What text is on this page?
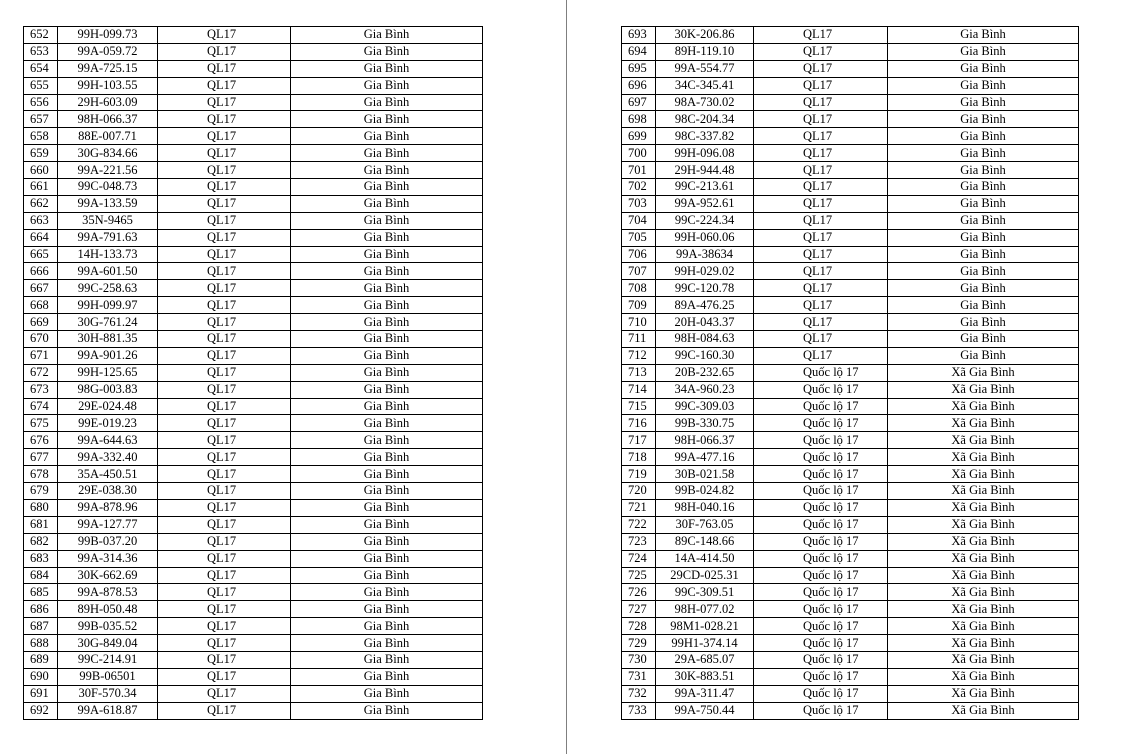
652	99H-099.73	QL17	Gia Bình
653	99A-059.72	QL17	Gia Bình
654	99A-725.15	QL17	Gia Bình
655	99H-103.55	QL17	Gia Bình
656	29H-603.09	QL17	Gia Bình
657	98H-066.37	QL17	Gia Bình
658	88E-007.71	QL17	Gia Bình
659	30G-834.66	QL17	Gia Bình
660	99A-221.56	QL17	Gia Bình
661	99C-048.73	QL17	Gia Bình
662	99A-133.59	QL17	Gia Bình
663	35N-9465	QL17	Gia Bình
664	99A-791.63	QL17	Gia Bình
665	14H-133.73	QL17	Gia Bình
666	99A-601.50	QL17	Gia Bình
667	99C-258.63	QL17	Gia Bình
668	99H-099.97	QL17	Gia Bình
669	30G-761.24	QL17	Gia Bình
670	30H-881.35	QL17	Gia Bình
671	99A-901.26	QL17	Gia Bình
672	99H-125.65	QL17	Gia Bình
673	98G-003.83	QL17	Gia Bình
674	29E-024.48	QL17	Gia Bình
675	99E-019.23	QL17	Gia Bình
676	99A-644.63	QL17	Gia Bình
677	99A-332.40	QL17	Gia Bình
678	35A-450.51	QL17	Gia Bình
679	29E-038.30	QL17	Gia Bình
680	99A-878.96	QL17	Gia Bình
681	99A-127.77	QL17	Gia Bình
682	99B-037.20	QL17	Gia Bình
683	99A-314.36	QL17	Gia Bình
684	30K-662.69	QL17	Gia Bình
685	99A-878.53	QL17	Gia Bình
686	89H-050.48	QL17	Gia Bình
687	99B-035.52	QL17	Gia Bình
688	30G-849.04	QL17	Gia Bình
689	99C-214.91	QL17	Gia Bình
690	99B-06501	QL17	Gia Bình
691	30F-570.34	QL17	Gia Bình
692	99A-618.87	QL17	Gia Bình
693	30K-206.86	QL17	Gia Bình
694	89H-119.10	QL17	Gia Bình
695	99A-554.77	QL17	Gia Bình
696	34C-345.41	QL17	Gia Bình
697	98A-730.02	QL17	Gia Bình
698	98C-204.34	QL17	Gia Bình
699	98C-337.82	QL17	Gia Bình
700	99H-096.08	QL17	Gia Bình
701	29H-944.48	QL17	Gia Bình
702	99C-213.61	QL17	Gia Bình
703	99A-952.61	QL17	Gia Bình
704	99C-224.34	QL17	Gia Bình
705	99H-060.06	QL17	Gia Bình
706	99A-38634	QL17	Gia Bình
707	99H-029.02	QL17	Gia Bình
708	99C-120.78	QL17	Gia Bình
709	89A-476.25	QL17	Gia Bình
710	20H-043.37	QL17	Gia Bình
711	98H-084.63	QL17	Gia Bình
712	99C-160.30	QL17	Gia Bình
713	20B-232.65	Quốc lộ 17	Xã Gia Bình
714	34A-960.23	Quốc lộ 17	Xã Gia Bình
715	99C-309.03	Quốc lộ 17	Xã Gia Bình
716	99B-330.75	Quốc lộ 17	Xã Gia Bình
717	98H-066.37	Quốc lộ 17	Xã Gia Bình
718	99A-477.16	Quốc lộ 17	Xã Gia Bình
719	30B-021.58	Quốc lộ 17	Xã Gia Bình
720	99B-024.82	Quốc lộ 17	Xã Gia Bình
721	98H-040.16	Quốc lộ 17	Xã Gia Bình
722	30F-763.05	Quốc lộ 17	Xã Gia Bình
723	89C-148.66	Quốc lộ 17	Xã Gia Bình
724	14A-414.50	Quốc lộ 17	Xã Gia Bình
725	29CD-025.31	Quốc lộ 17	Xã Gia Bình
726	99C-309.51	Quốc lộ 17	Xã Gia Bình
727	98H-077.02	Quốc lộ 17	Xã Gia Bình
728	98M1-028.21	Quốc lộ 17	Xã Gia Bình
729	99H1-374.14	Quốc lộ 17	Xã Gia Bình
730	29A-685.07	Quốc lộ 17	Xã Gia Bình
731	30K-883.51	Quốc lộ 17	Xã Gia Bình
732	99A-311.47	Quốc lộ 17	Xã Gia Bình
733	99A-750.44	Quốc lộ 17	Xã Gia Bình
